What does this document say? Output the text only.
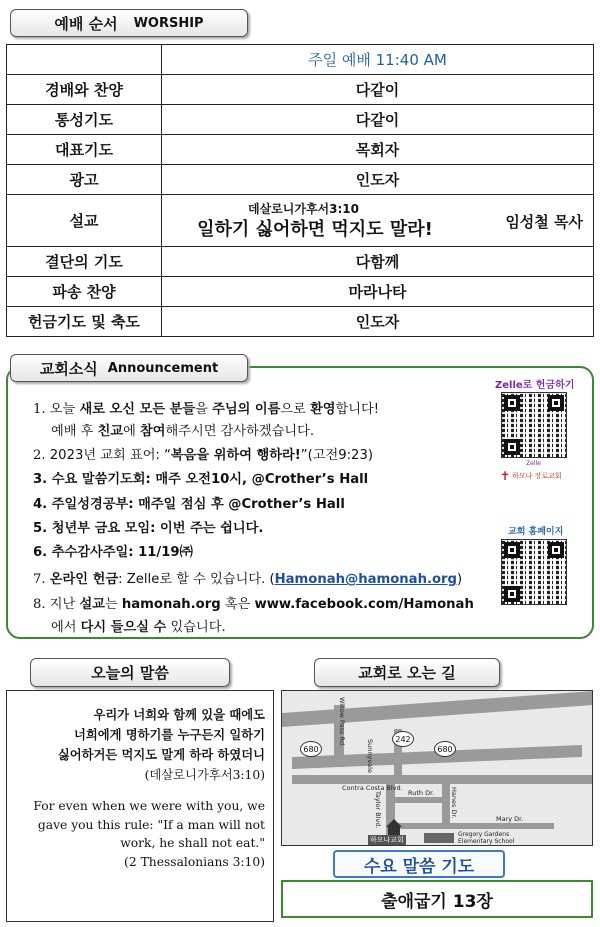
예배 순서 WORSHIP
	주일 예배 11:40 AM
경배와 찬양	다같이
통성기도	다같이
대표기도	목회자
광고	인도자
설교	데살로니가후서3:10
일하기 싫어하면 먹지도 말라! 임성철 목사

결단의 기도	다함께
파송 찬양	마라나타
헌금기도 및 축도	인도자
1. 오늘 새로 오신 모든 분들을 주님의 이름으로 환영합니다!
예배 후 친교에 참여해주시면 감사하겠습니다.
2. 2023년 교회 표어: “복음을 위하여 행하라!”(고전9:23)
3. 수요 말씀기도회: 매주 오전10시, @Crother’s Hall
4. 주일성경공부: 매주일 점심 후 @Crother’s Hall
5. 청년부 금요 모임: 이번 주는 쉽니다.
6. 추수감사주일: 11/19㈜
7. 온라인 헌금: Zelle로 할 수 있습니다. (Hamonah@hamonah.org)
8. 지난 설교는 hamonah.org 혹은 www.facebook.com/Hamonah
에서 다시 들으실 수 있습니다.
Zelle로 헌금하기
Zelle
✝ 하모나 장로교회
교회 홈페이지
교회소식 Announcement
오늘의 말씀
우리가 너희와 함께 있을 때에도
너희에게 명하기를 누구든지 일하기
싫어하거든 먹지도 말게 하라 하였더니
(데살로니가후서3:10)
For even when we were with you, we
gave you this rule: "If a man will not
work, he shall not eat."
(2 Thessalonians 3:10)
교회로 오는 길
680
242
680
Willow Pass Rd.
Sunnyvale
Contra Costa Blvd.
Taylor Blvd.	Ruth Dr. Hanes Dr.
Mary Dr.
하모나교회
Gregory Gardens
Elementary School
수요 말씀 기도
출애굽기 13장
